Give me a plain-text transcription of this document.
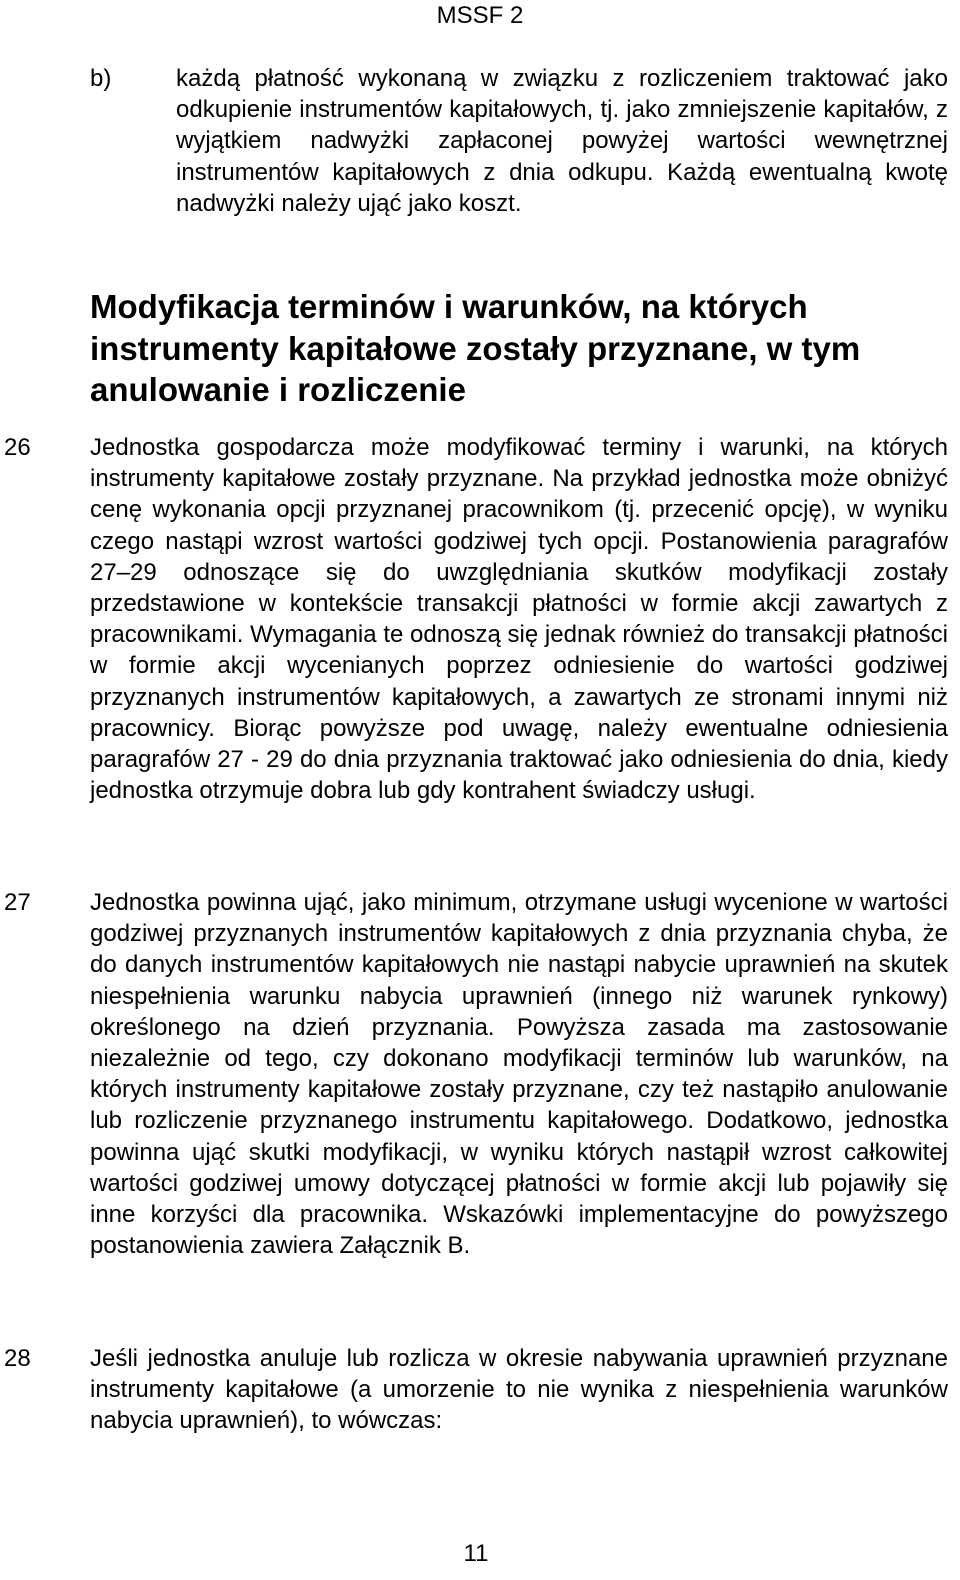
MSSF 2
b)	każdą płatność wykonaną w związku z rozliczeniem traktować jako odkupienie instrumentów kapitałowych, tj. jako zmniejszenie kapitałów, z wyjątkiem nadwyżki zapłaconej powyżej wartości wewnętrznej instrumentów kapitałowych z dnia odkupu. Każdą ewentualną kwotę nadwyżki należy ująć jako koszt.

Modyfikacja terminów i warunków, na których instrumenty kapitałowe zostały przyznane, w tym anulowanie i rozliczenie
26 Jednostka gospodarcza może modyfikować terminy i warunki, na których instrumenty kapitałowe zostały przyznane. Na przykład jednostka może obniżyć cenę wykonania opcji przyznanej pracownikom (tj. przecenić opcję), w wyniku czego nastąpi wzrost wartości godziwej tych opcji. Postanowienia paragrafów 27–29 odnoszące się do uwzględniania skutków modyfikacji zostały przedstawione w kontekście transakcji płatności w formie akcji zawartych z pracownikami. Wymagania te odnoszą się jednak również do transakcji płatności w formie akcji wycenianych poprzez odniesienie do wartości godziwej przyznanych instrumentów kapitałowych, a zawartych ze stronami innymi niż pracownicy. Biorąc powyższe pod uwagę, należy ewentualne odniesienia paragrafów 27 - 29 do dnia przyznania traktować jako odniesienia do dnia, kiedy jednostka otrzymuje dobra lub gdy kontrahent świadczy usługi.

27 Jednostka powinna ująć, jako minimum, otrzymane usługi wycenione w wartości godziwej przyznanych instrumentów kapitałowych z dnia przyznania chyba, że do danych instrumentów kapitałowych nie nastąpi nabycie uprawnień na skutek niespełnienia warunku nabycia uprawnień (innego niż warunek rynkowy) określonego na dzień przyznania. Powyższa zasada ma zastosowanie niezależnie od tego, czy dokonano modyfikacji terminów lub warunków, na których instrumenty kapitałowe zostały przyznane, czy też nastąpiło anulowanie lub rozliczenie przyznanego instrumentu kapitałowego. Dodatkowo, jednostka powinna ująć skutki modyfikacji, w wyniku których nastąpił wzrost całkowitej wartości godziwej umowy dotyczącej płatności w formie akcji lub pojawiły się inne korzyści dla pracownika. Wskazówki implementacyjne do powyższego postanowienia zawiera Załącznik B.

28 Jeśli jednostka anuluje lub rozlicza w okresie nabywania uprawnień przyznane instrumenty kapitałowe (a umorzenie to nie wynika z niespełnienia warunków nabycia uprawnień), to wówczas:

11
